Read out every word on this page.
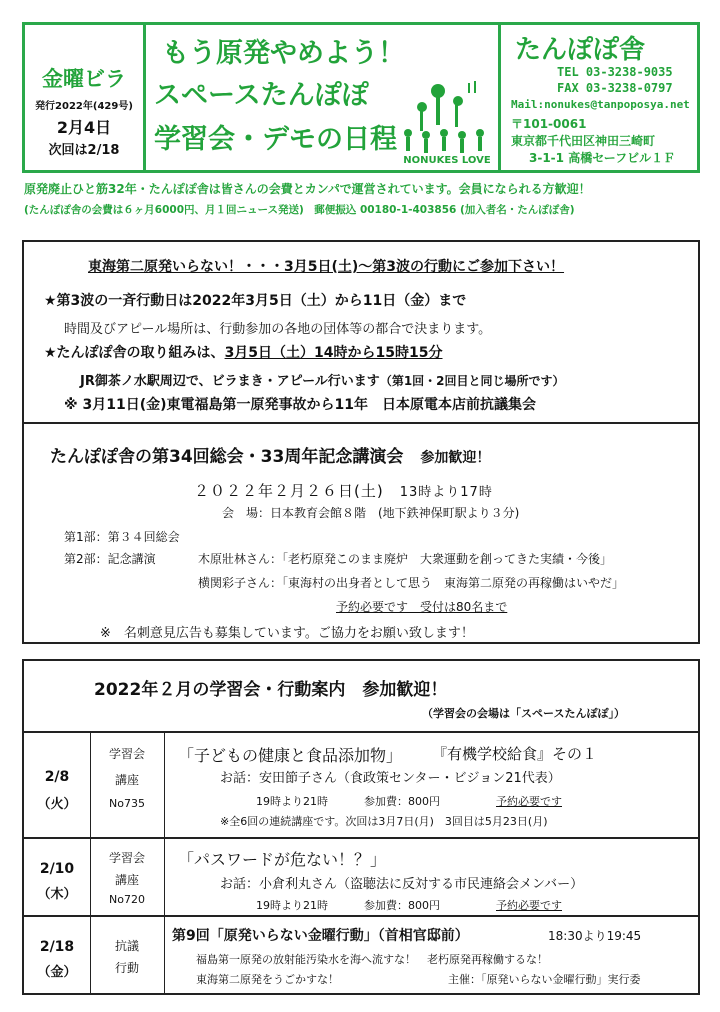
金曜ビラ
発行2022年(429号)
2月4日
次回は2/18
もう原発やめよう！
スペースたんぽぽ
学習会・デモの日程
NONUKES LOVE
たんぽぽ舎
TEL 03-3238-9035
FAX 03-3238-0797
Mail:nonukes@tanpoposya.net
〒101-0061
東京都千代田区神田三崎町
3-1-1 高橋セーフビル１Ｆ
原発廃止ひと筋32年・たんぽぽ舎は皆さんの会費とカンパで運営されています。会員になられる方歓迎！
(たんぽぽ舎の会費は６ヶ月6000円、月１回ニュース発送)　郵便振込 00180-1-403856 (加入者名・たんぽぽ舎)
東海第二原発いらない！・・・3月5日(土)～第3波の行動にご参加下さい！
★第3波の一斉行動日は2022年3月5日（土）から11日（金）まで
時間及びアピール場所は、行動参加の各地の団体等の都合で決まります。
★たんぽぽ舎の取り組みは、3月5日（土）14時から15時15分
JR御茶ノ水駅周辺で、ビラまき・アピール行います（第1回・2回目と同じ場所です）
※ 3月11日(金)東電福島第一原発事故から11年　日本原電本店前抗議集会
たんぽぽ舎の第34回総会・33周年記念講演会　 参加歓迎！
２０２２年２月２６日(土)　 13時より17時
会　場：日本教育会館８階　(地下鉄神保町駅より３分)
第1部：第３４回総会
第2部：記念講演	木原壯林さん：「老朽原発このまま廃炉　大衆運動を創ってきた実績・今後」
横関彩子さん：「東海村の出身者として思う　東海第二原発の再稼働はいやだ」
予約必要です　受付は80名まで
※　名刺意見広告も募集しています。ご協力をお願い致します！
2022年２月の学習会・行動案内　 参加歓迎！
（学習会の会場は「スペースたんぽぽ」）
2/8
（火）
学習会
講座
No735
「子どもの健康と食品添加物」 『有機学校給食』その１
お話：安田節子さん（食政策センター・ビジョン21代表）
19時より21時	参加費：800円	予約必要です
※全6回の連続講座です。次回は3月7日(月)　3回目は5月23日(月)
2/10
（木）
学習会
講座
No720
「パスワードが危ない！？」
お話：小倉利丸さん（盗聴法に反対する市民連絡会メンバー）
19時より21時	参加費：800円	予約必要です
2/18
（金）
抗議
行動
第9回「原発いらない金曜行動」（首相官邸前）	18:30より19:45
福島第一原発の放射能汚染水を海へ流すな！　老朽原発再稼働するな！
東海第二原発をうごかすな！	主催：「原発いらない金曜行動」実行委
